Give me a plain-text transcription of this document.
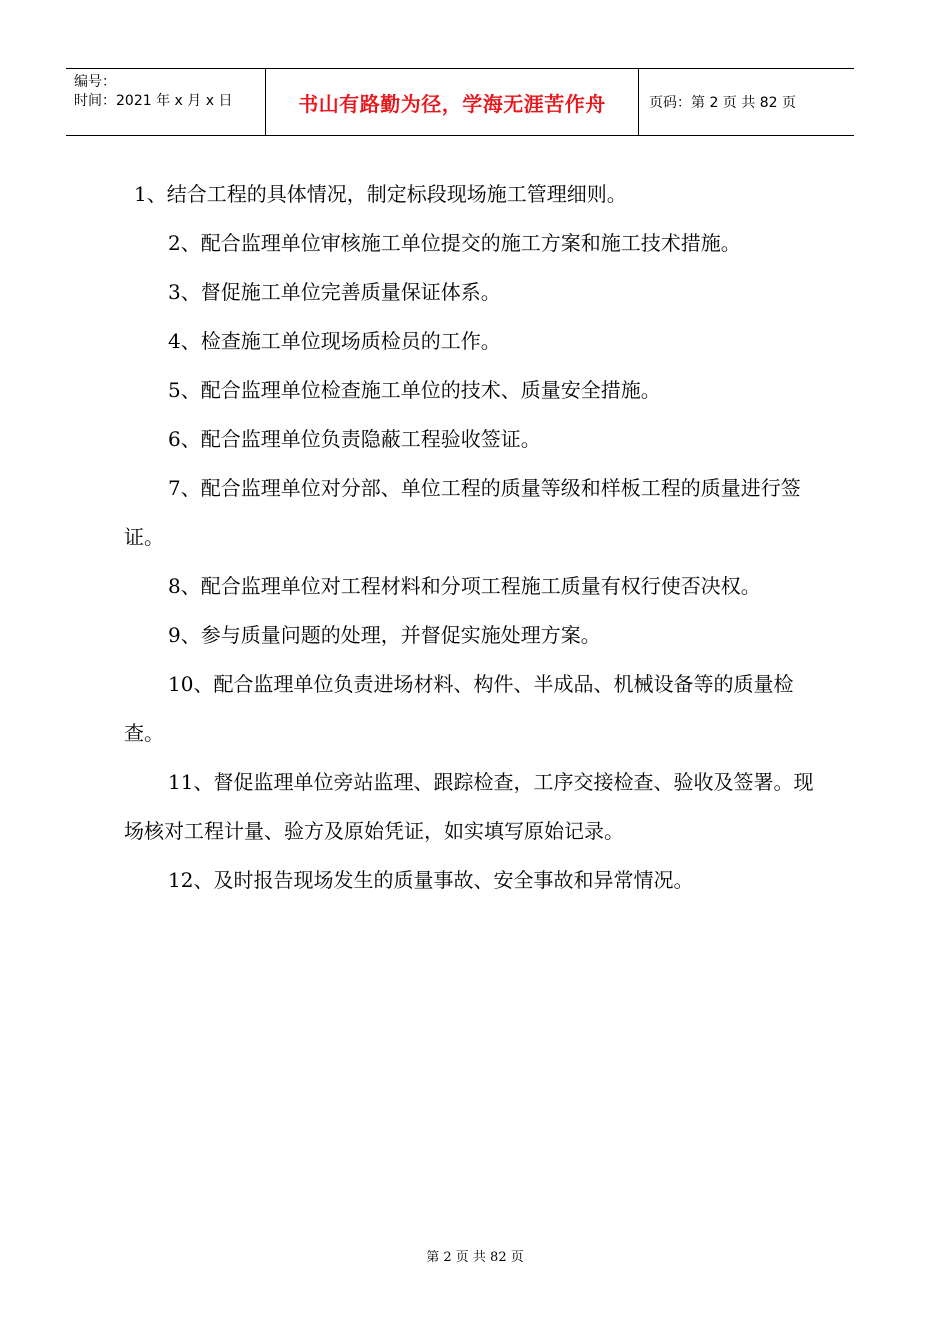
编号：
时间：2021 年 x 月 x 日	书山有路勤为径，学海无涯苦作舟	页码：第 2 页 共 82 页

1、结合工程的具体情况，制定标段现场施工管理细则。

2、配合监理单位审核施工单位提交的施工方案和施工技术措施。

3、督促施工单位完善质量保证体系。

4、检查施工单位现场质检员的工作。

5、配合监理单位检查施工单位的技术、质量安全措施。

6、配合监理单位负责隐蔽工程验收签证。

7、配合监理单位对分部、单位工程的质量等级和样板工程的质量进行签证。

8、配合监理单位对工程材料和分项工程施工质量有权行使否决权。

9、参与质量问题的处理，并督促实施处理方案。

10、配合监理单位负责进场材料、构件、半成品、机械设备等的质量检查。

11、督促监理单位旁站监理、跟踪检查，工序交接检查、验收及签署。现场核对工程计量、验方及原始凭证，如实填写原始记录。

12、及时报告现场发生的质量事故、安全事故和异常情况。

第 2 页 共 82 页
